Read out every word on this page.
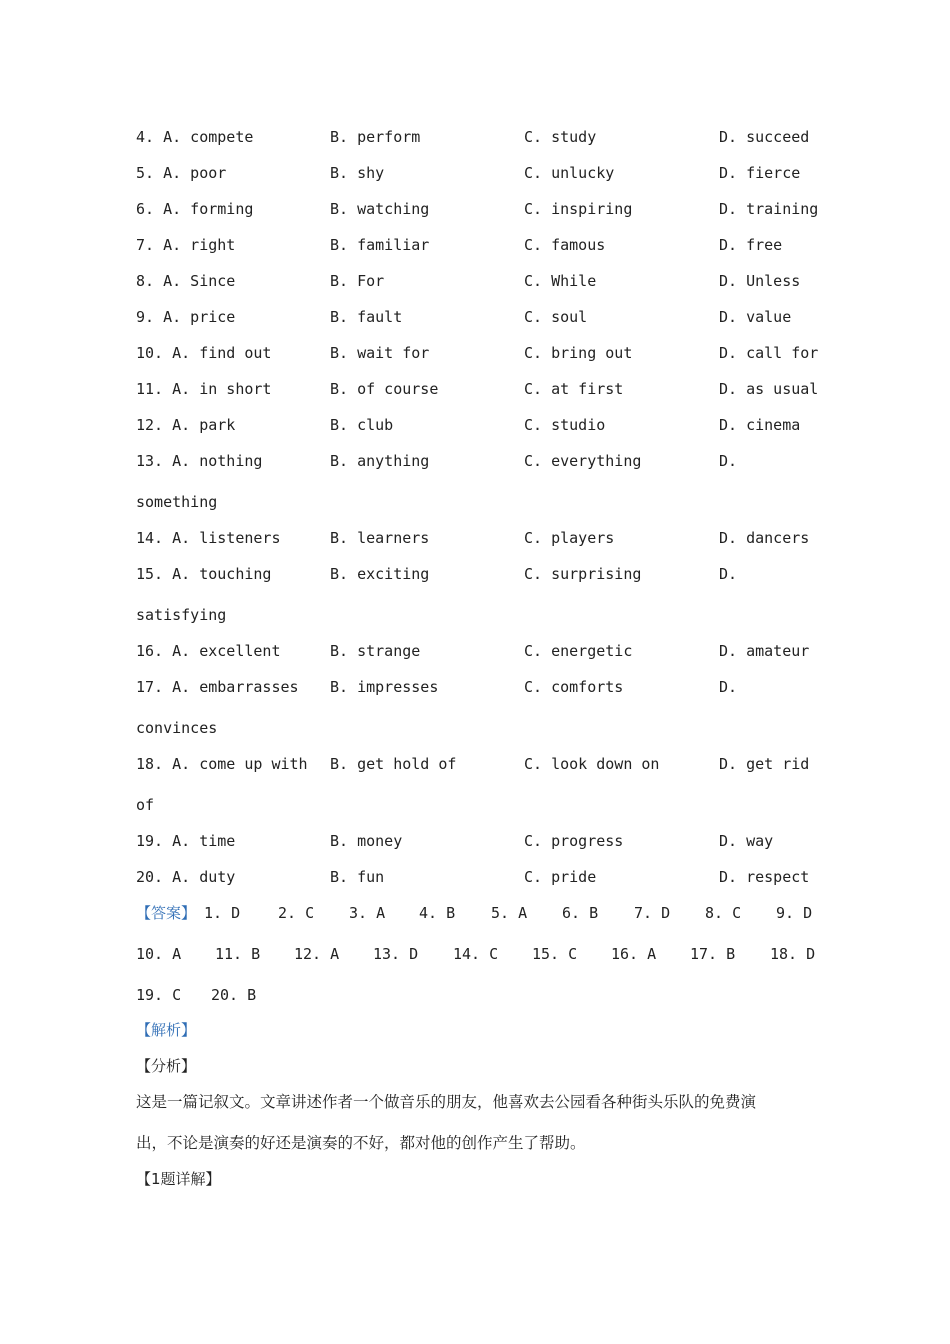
4. A. compete	B. perform	C. study	D. succeed
5. A. poor	B. shy	C. unlucky	D. fierce
6. A. forming	B. watching	C. inspiring	D. training
7. A. right	B. familiar	C. famous	D. free
8. A. Since	B. For	C. While	D. Unless
9. A. price	B. fault	C. soul	D. value
10. A. find out	B. wait for	C. bring out	D. call for
11. A. in short	B. of course	C. at first	D. as usual
12. A. park	B. club	C. studio	D. cinema
13. A. nothing	B. anything	C. everything	D.
something
14. A. listeners	B. learners	C. players	D. dancers
15. A. touching	B. exciting	C. surprising	D.
satisfying
16. A. excellent	B. strange	C. energetic	D. amateur
17. A. embarrasses B. impresses	C. comforts	D.
convinces
18. A. come up with B. get hold of	C. look down on	D. get rid
of
19. A. time	B. money	C. progress	D. way
20. A. duty	B. fun	C. pride	D. respect
【答案】 1. D	2. C 3. A 4. B 5. A 6. B 7. D 8. C 9. D
10. A 11. B 12. A 13. D 14. C 15. C 16. A 17. B 18. D
19. C 20. B
【解析】
【分析】
这是一篇记叙文。文章讲述作者一个做音乐的朋友，他喜欢去公园看各种街头乐队的免费演
出，不论是演奏的好还是演奏的不好，都对他的创作产生了帮助。
【1题详解】
